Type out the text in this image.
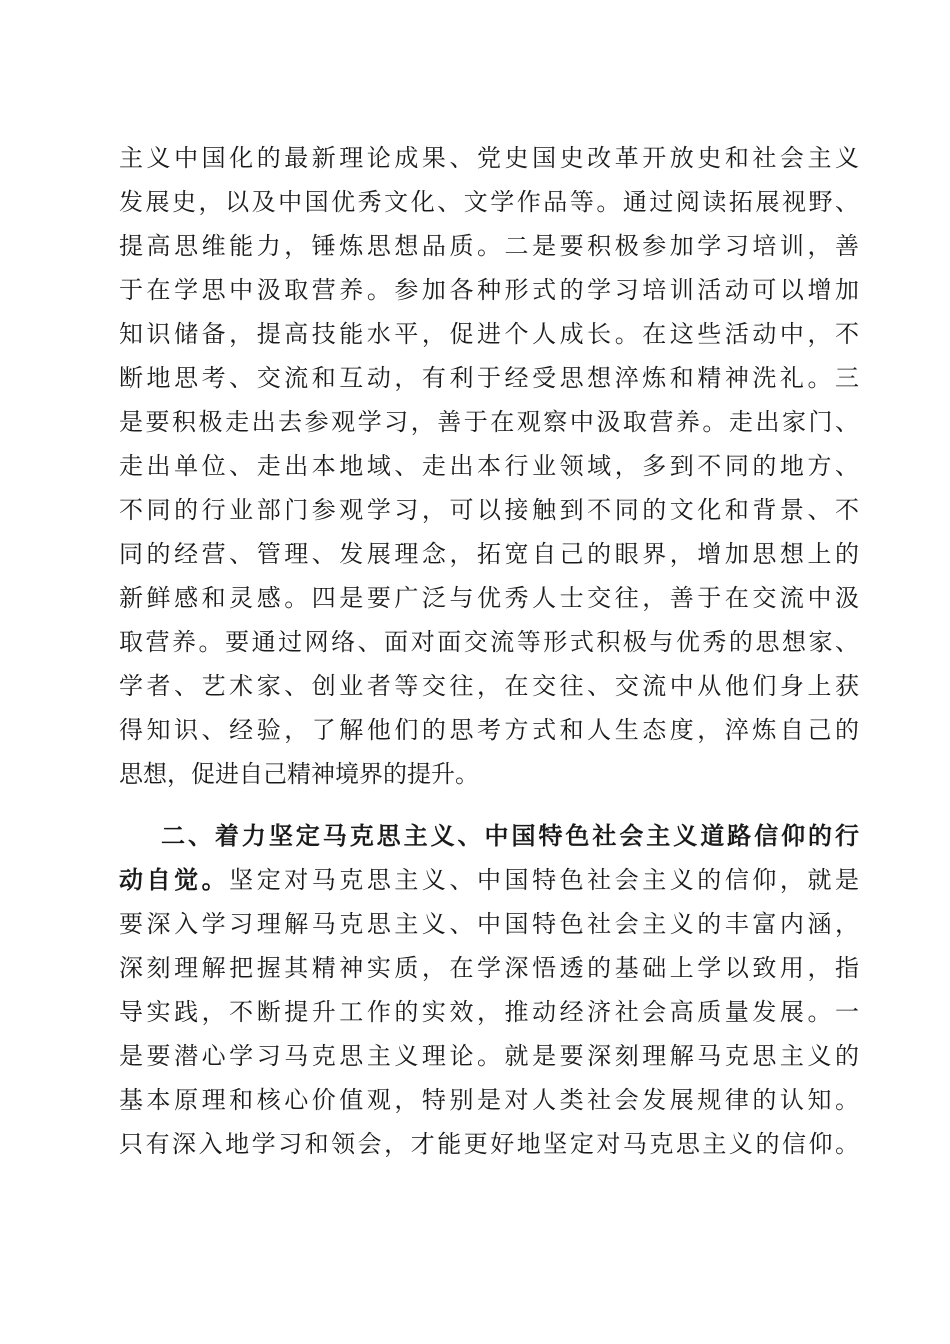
主义中国化的最新理论成果、党史国史改革开放史和社会主义
发展史，以及中国优秀文化、文学作品等。通过阅读拓展视野、
提高思维能力，锤炼思想品质。二是要积极参加学习培训，善
于在学思中汲取营养。参加各种形式的学习培训活动可以增加
知识储备，提高技能水平，促进个人成长。在这些活动中，不
断地思考、交流和互动，有利于经受思想淬炼和精神洗礼。三
是要积极走出去参观学习，善于在观察中汲取营养。走出家门、
走出单位、走出本地域、走出本行业领域，多到不同的地方、
不同的行业部门参观学习，可以接触到不同的文化和背景、不
同的经营、管理、发展理念，拓宽自己的眼界，增加思想上的
新鲜感和灵感。四是要广泛与优秀人士交往，善于在交流中汲
取营养。要通过网络、面对面交流等形式积极与优秀的思想家、
学者、艺术家、创业者等交往，在交往、交流中从他们身上获
得知识、经验，了解他们的思考方式和人生态度，淬炼自己的
思想，促进自己精神境界的提升。
二、着力坚定马克思主义、中国特色社会主义道路信仰的行
动自觉。坚定对马克思主义、中国特色社会主义的信仰，就是
要深入学习理解马克思主义、中国特色社会主义的丰富内涵，
深刻理解把握其精神实质，在学深悟透的基础上学以致用，指
导实践，不断提升工作的实效，推动经济社会高质量发展。一
是要潜心学习马克思主义理论。就是要深刻理解马克思主义的
基本原理和核心价值观，特别是对人类社会发展规律的认知。
只有深入地学习和领会，才能更好地坚定对马克思主义的信仰。
